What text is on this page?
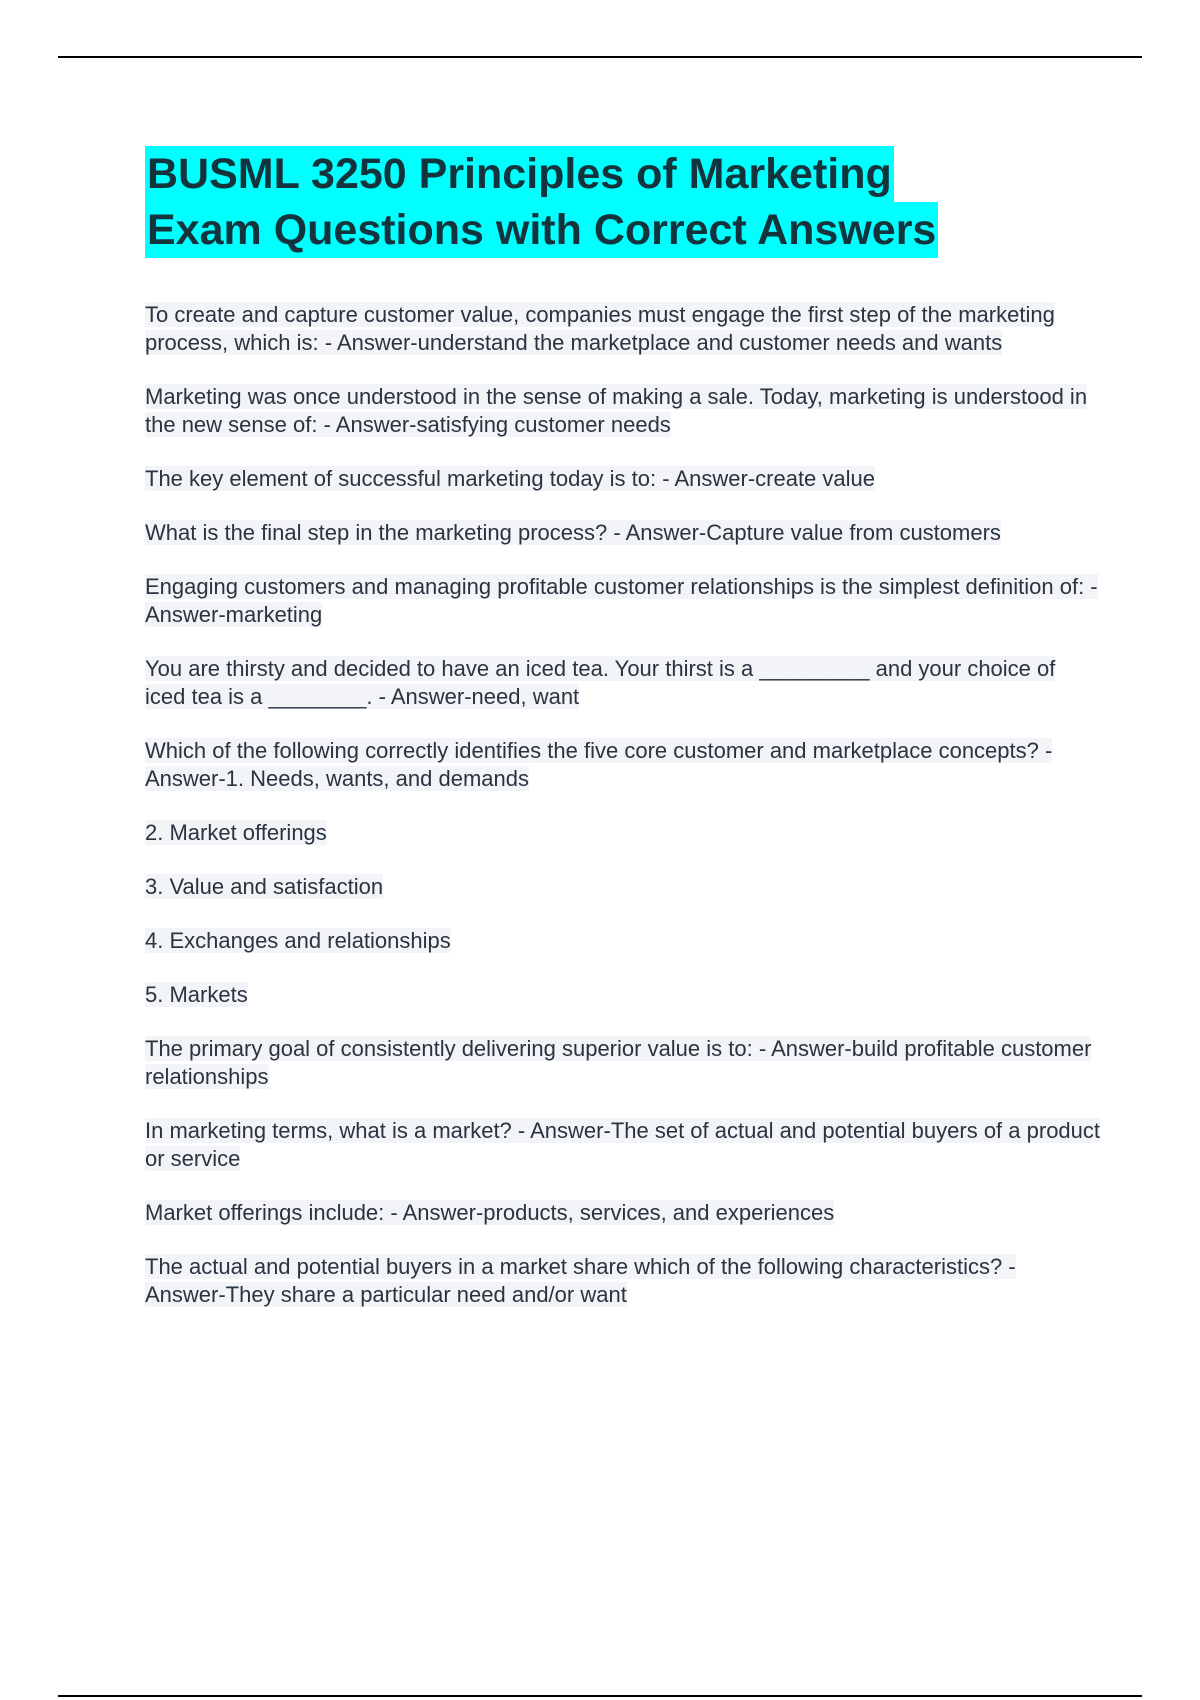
BUSML 3250 Principles of Marketing
Exam Questions with Correct Answers

To create and capture customer value, companies must engage the first step of the marketing process, which is: - Answer-understand the marketplace and customer needs and wants

Marketing was once understood in the sense of making a sale. Today, marketing is understood in the new sense of: - Answer-satisfying customer needs

The key element of successful marketing today is to: - Answer-create value

What is the final step in the marketing process? - Answer-Capture value from customers

Engaging customers and managing profitable customer relationships is the simplest definition of: - Answer-marketing

You are thirsty and decided to have an iced tea. Your thirst is a _________ and your choice of iced tea is a ________. - Answer-need, want

Which of the following correctly identifies the five core customer and marketplace concepts? - Answer-1. Needs, wants, and demands

2. Market offerings

3. Value and satisfaction

4. Exchanges and relationships

5. Markets

The primary goal of consistently delivering superior value is to: - Answer-build profitable customer relationships

In marketing terms, what is a market? - Answer-The set of actual and potential buyers of a product or service

Market offerings include: - Answer-products, services, and experiences

The actual and potential buyers in a market share which of the following characteristics? - Answer-They share a particular need and/or want
